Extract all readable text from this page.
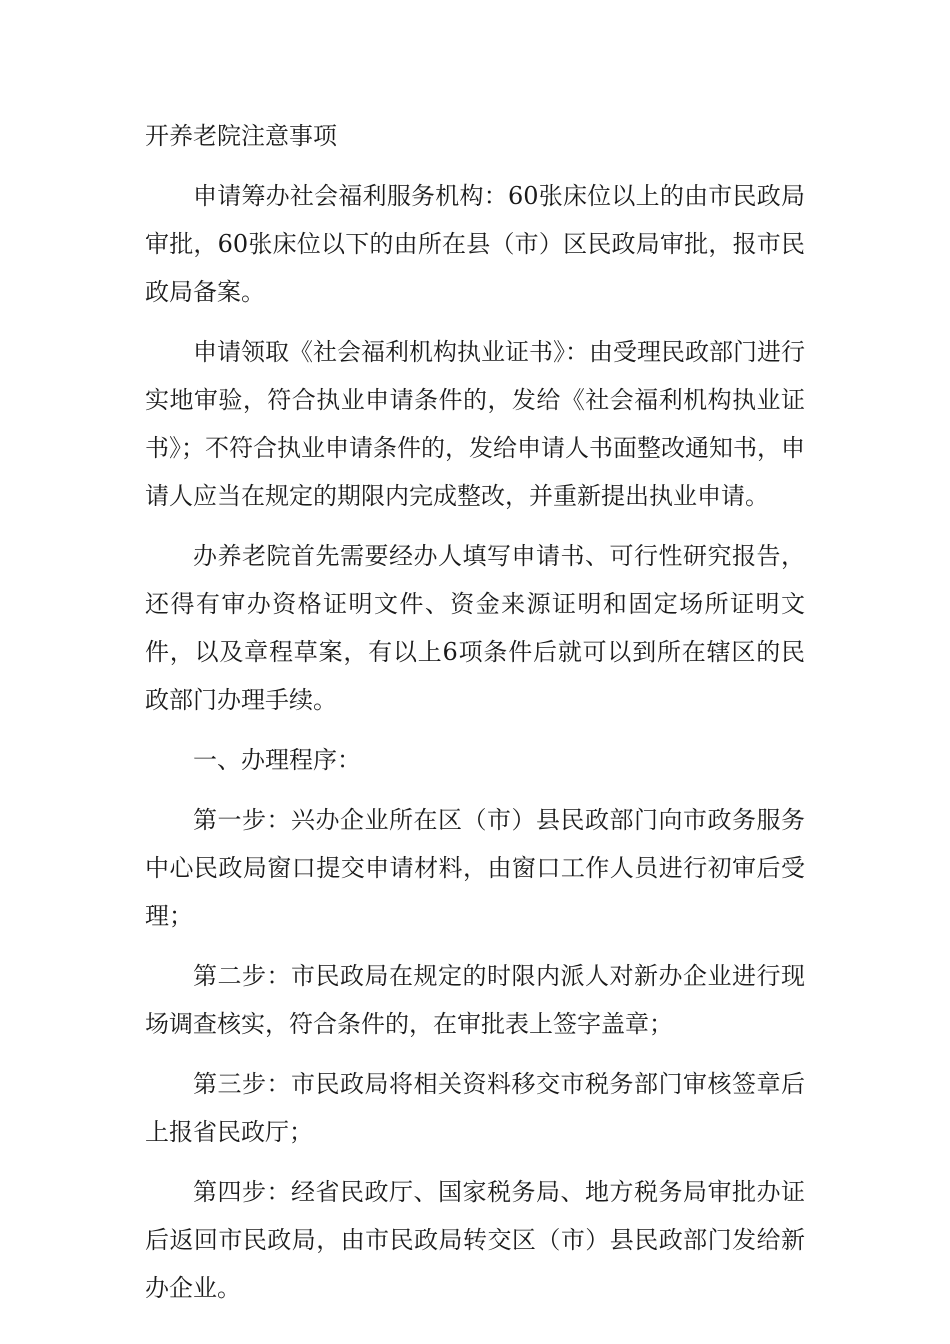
开养老院注意事项

申请筹办社会福利服务机构：60张床位以上的由市民政局审批，60张床位以下的由所在县（市）区民政局审批，报市民政局备案。

申请领取《社会福利机构执业证书》：由受理民政部门进行实地审验，符合执业申请条件的，发给《社会福利机构执业证书》；不符合执业申请条件的，发给申请人书面整改通知书，申请人应当在规定的期限内完成整改，并重新提出执业申请。

办养老院首先需要经办人填写申请书、可行性研究报告，还得有审办资格证明文件、资金来源证明和固定场所证明文件，以及章程草案，有以上6项条件后就可以到所在辖区的民政部门办理手续。

一、办理程序：

第一步：兴办企业所在区（市）县民政部门向市政务服务中心民政局窗口提交申请材料，由窗口工作人员进行初审后受理；

第二步：市民政局在规定的时限内派人对新办企业进行现场调查核实，符合条件的，在审批表上签字盖章；

第三步：市民政局将相关资料移交市税务部门审核签章后上报省民政厅；

第四步：经省民政厅、国家税务局、地方税务局审批办证后返回市民政局，由市民政局转交区（市）县民政部门发给新办企业。
